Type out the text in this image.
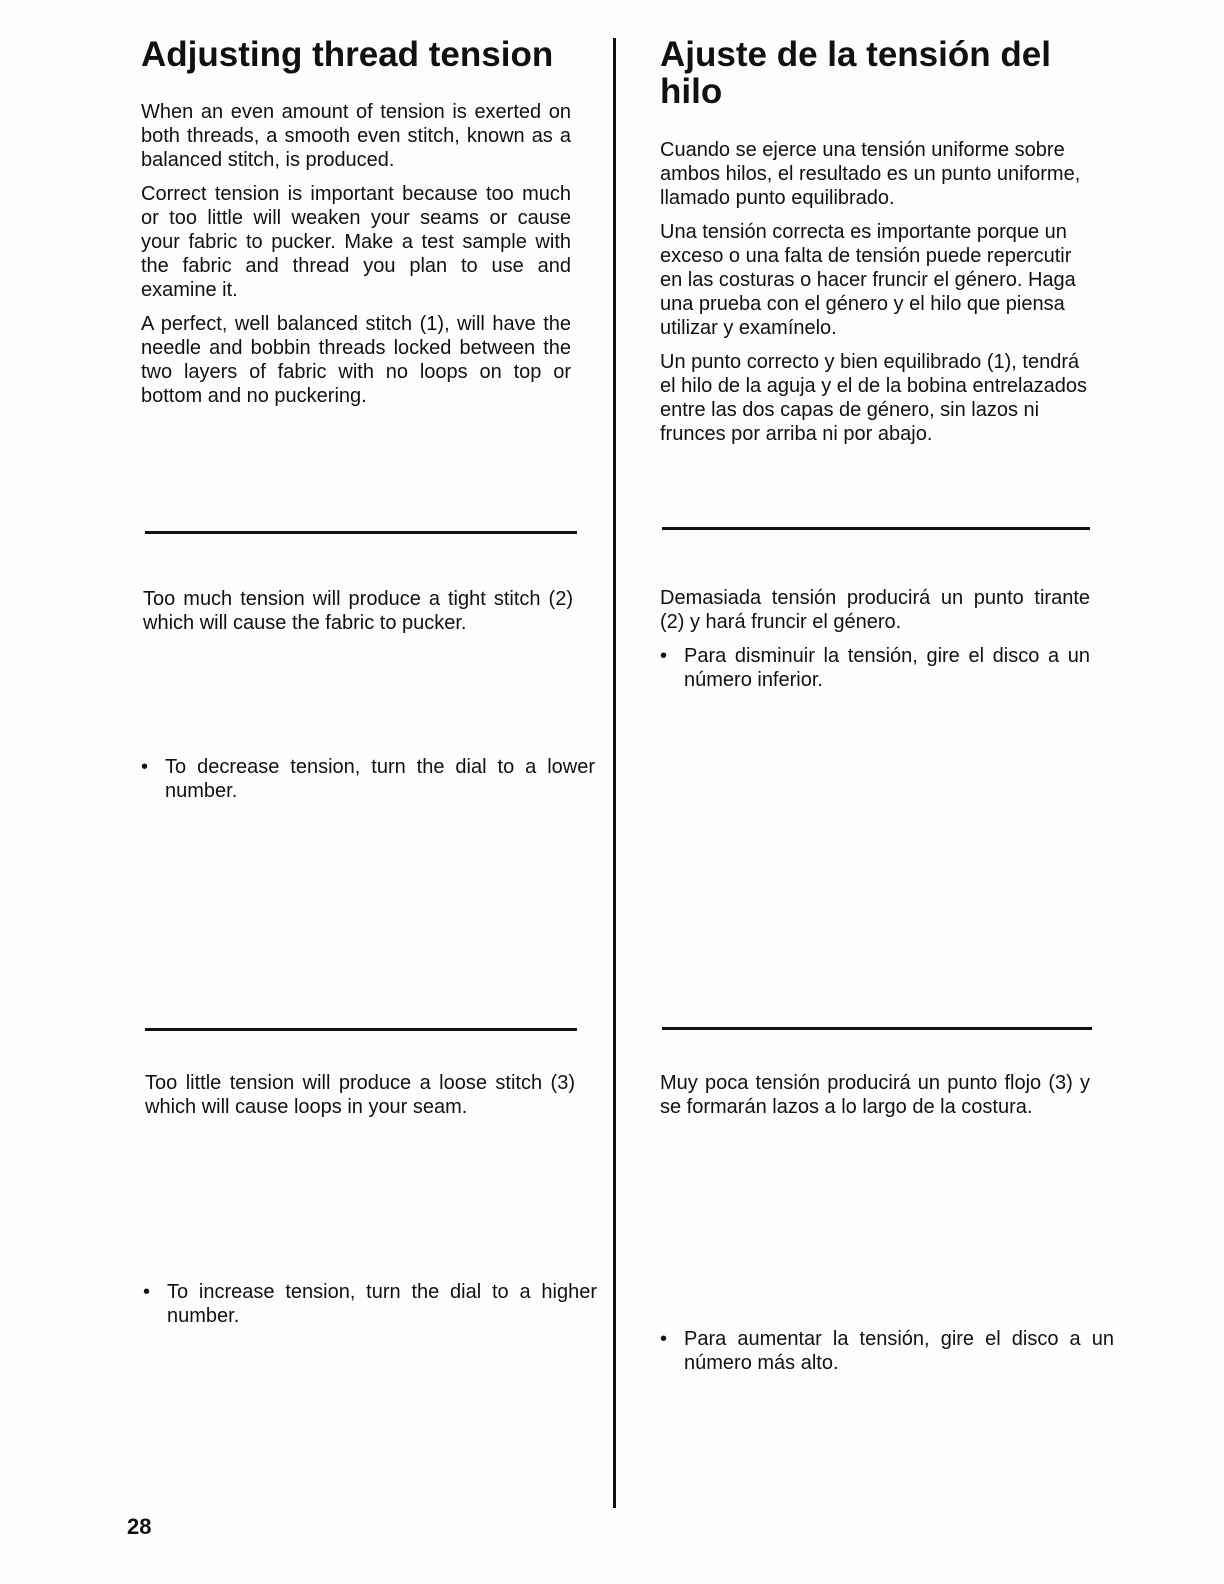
Adjusting thread tension

When an even amount of tension is exerted on both threads, a smooth even stitch, known as a balanced stitch, is produced.

Correct tension is important because too much or too little will weaken your seams or cause your fabric to pucker. Make a test sample with the fabric and thread you plan to use and examine it.

A perfect, well balanced stitch (1), will have the needle and bobbin threads locked between the two layers of fabric with no loops on top or bottom and no puckering.

Too much tension will produce a tight stitch (2) which will cause the fabric to pucker.

• To decrease tension, turn the dial to a lower number.

Too little tension will produce a loose stitch (3) which will cause loops in your seam.

• To increase tension, turn the dial to a higher number.
Ajuste de la tensión del hilo

Cuando se ejerce una tensión uniforme sobre ambos hilos, el resultado es un punto uniforme, llamado punto equilibrado.

Una tensión correcta es importante porque un exceso o una falta de tensión puede repercutir en las costuras o hacer fruncir el género. Haga una prueba con el género y el hilo que piensa utilizar y examínelo.

Un punto correcto y bien equilibrado (1), tendrá el hilo de la aguja y el de la bobina entrelazados entre las dos capas de género, sin lazos ni frunces por arriba ni por abajo.

Demasiada tensión producirá un punto tirante (2) y hará fruncir el género.

• Para disminuir la tensión, gire el disco a un número inferior.

Muy poca tensión producirá un punto flojo (3) y se formarán lazos a lo largo de la costura.

• Para aumentar la tensión, gire el disco a un número más alto.
28
